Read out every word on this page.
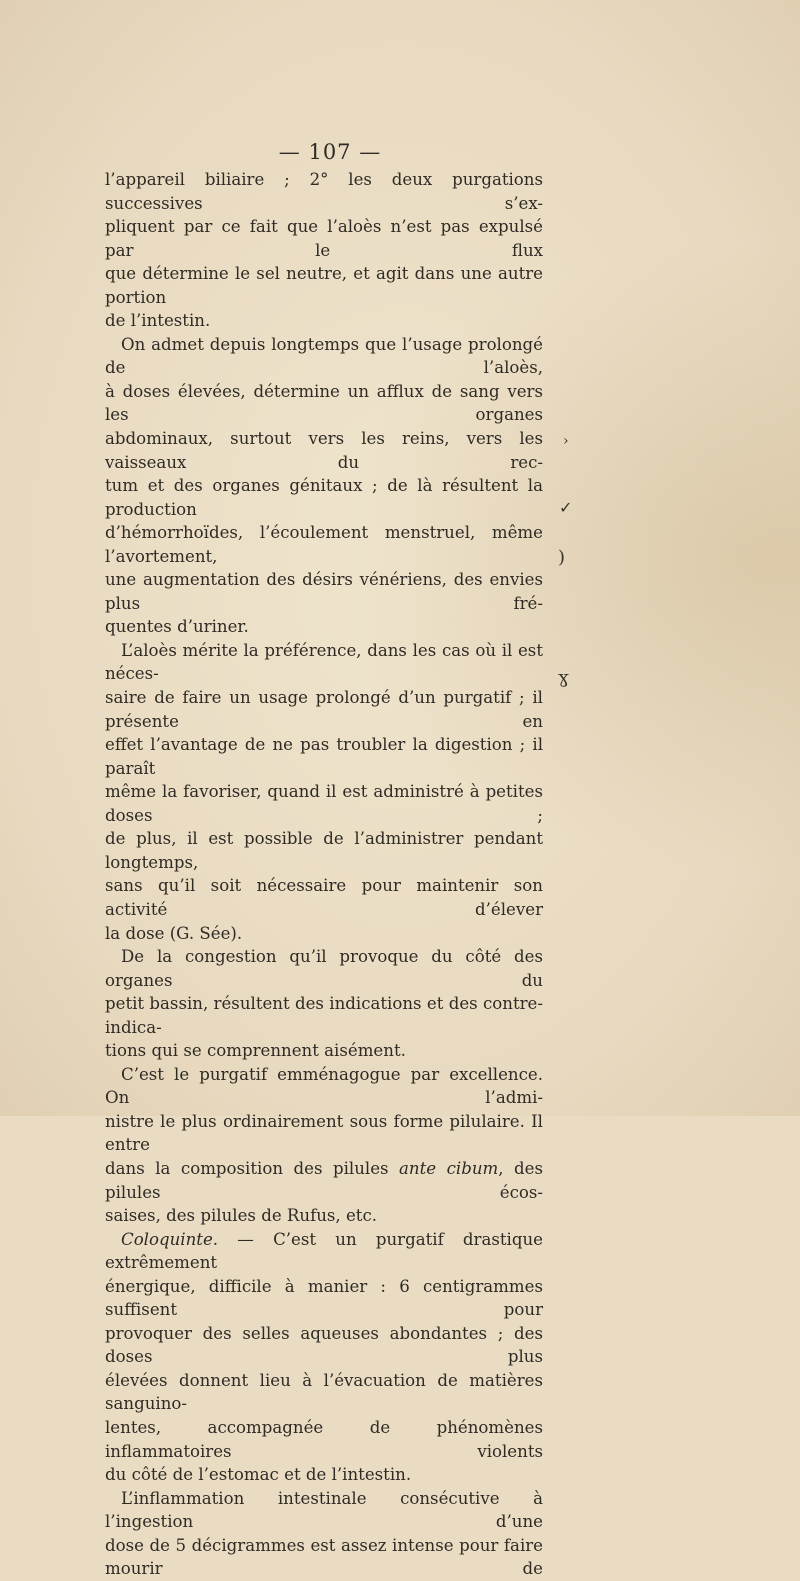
— 107 —

l’appareil biliaire ; 2° les deux purgations successives s’ex-

pliquent par ce fait que l’aloès n’est pas expulsé par le flux

que détermine le sel neutre, et agit dans une autre portion

de l’intestin.

On admet depuis longtemps que l’usage prolongé de l’aloès,

à doses élevées, détermine un afflux de sang vers les organes

abdominaux, surtout vers les reins, vers les vaisseaux du rec-

tum et des organes génitaux ; de là résultent la production

d’hémorrhoïdes, l’écoulement menstruel, même l’avortement,

une augmentation des désirs vénériens, des envies plus fré-

quentes d’uriner.

L’aloès mérite la préférence, dans les cas où il est néces-

saire de faire un usage prolongé d’un purgatif ; il présente en

effet l’avantage de ne pas troubler la digestion ; il paraît

même la favoriser, quand il est administré à petites doses ;

de plus, il est possible de l’administrer pendant longtemps,

sans qu’il soit nécessaire pour maintenir son activité d’élever

la dose (G. Sée).

De la congestion qu’il provoque du côté des organes du

petit bassin, résultent des indications et des contre-indica-

tions qui se comprennent aisément.

C’est le purgatif emménagogue par excellence. On l’admi-

nistre le plus ordinairement sous forme pilulaire. Il entre

dans la composition des pilules ante cibum, des pilules écos-

saises, des pilules de Rufus, etc.

Coloquinte. — C’est un purgatif drastique extrêmement

énergique, difficile à manier : 6 centigrammes suffisent pour

provoquer des selles aqueuses abondantes ; des doses plus

élevées donnent lieu à l’évacuation de matières sanguino-

lentes, accompagnée de phénomènes inflammatoires violents

du côté de l’estomac et de l’intestin.

L’inflammation intestinale consécutive à l’ingestion d’une

dose de 5 décigrammes est assez intense pour faire mourir de

›
✓
)
ɣ
